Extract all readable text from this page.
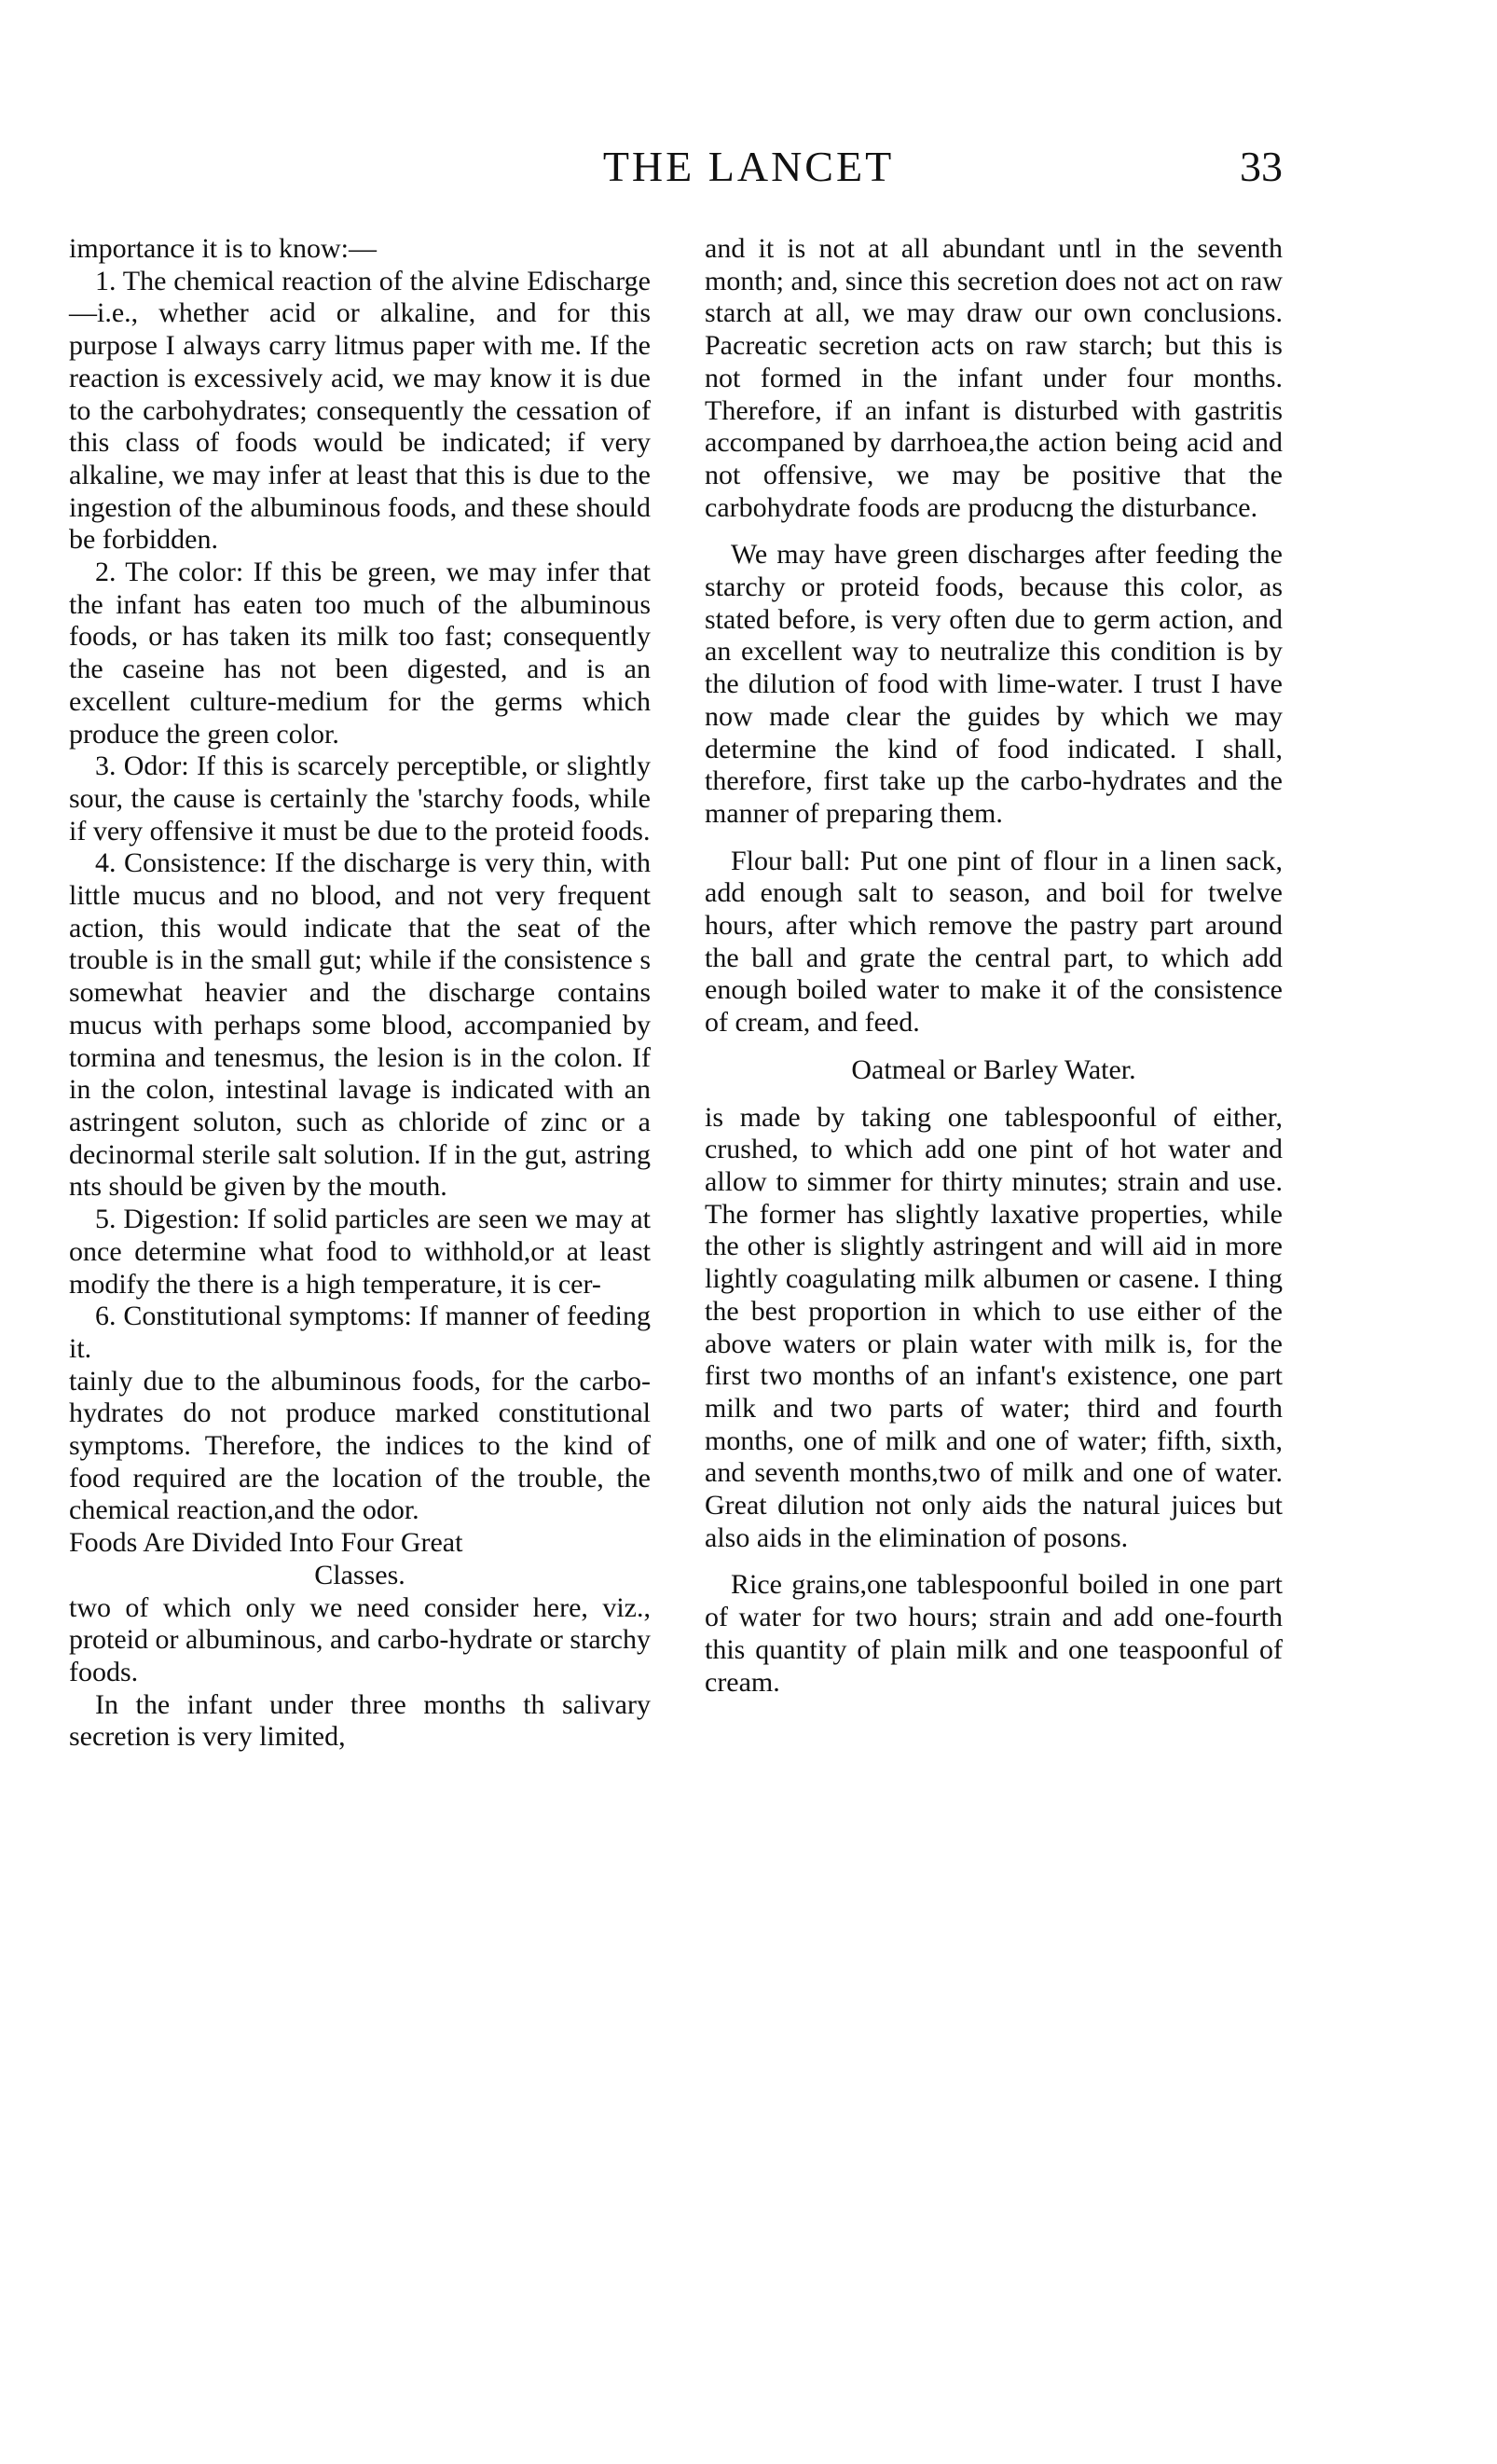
THE LANCET	33

importance it is to know:—

1. The chemical reaction of the alvine Edischarge—i.e., whether acid or alkaline, and for this purpose I always carry litmus paper with me. If the reaction is excessively acid, we may know it is due to the carbohydrates; consequently the cessation of this class of foods would be indicated; if very alkaline, we may infer at least that this is due to the ingestion of the albuminous foods, and these should be forbidden.

2. The color: If this be green, we may infer that the infant has eaten too much of the albuminous foods, or has taken its milk too fast; consequently the caseine has not been digested, and is an excellent culture-medium for the germs which produce the green color.

3. Odor: If this is scarcely perceptible, or slightly sour, the cause is certainly the 'starchy foods, while if very offensive it must be due to the proteid foods.

4. Consistence: If the discharge is very thin, with little mucus and no blood, and not very frequent action, this would indicate that the seat of the trouble is in the small gut; while if the consistence s somewhat heavier and the discharge contains mucus with perhaps some blood, accompanied by tormina and tenesmus, the lesion is in the colon. If in the colon, intestinal lavage is indicated with an astringent soluton, such as chloride of zinc or a decinormal sterile salt solution. If in the gut, astring nts should be given by the mouth.

5. Digestion: If solid particles are seen we may at once determine what food to withhold,or at least modify the there is a high temperature, it is cer-

6. Constitutional symptoms: If manner of feeding it.

tainly due to the albuminous foods, for the carbo-hydrates do not produce marked constitutional symptoms. Therefore, the indices to the kind of food required are the location of the trouble, the chemical reaction,and the odor.

Foods Are Divided Into Four Great

Classes.

two of which only we need consider here, viz., proteid or albuminous, and carbo-hydrate or starchy foods.

In the infant under three months th salivary secretion is very limited,

and it is not at all abundant untl in the seventh month; and, since this secretion does not act on raw starch at all, we may draw our own conclusions. Pacreatic secretion acts on raw starch; but this is not formed in the infant under four months. Therefore, if an infant is disturbed with gastritis accompaned by darrhoea,the action being acid and not offensive, we may be positive that the carbohydrate foods are producng the disturbance.

We may have green discharges after feeding the starchy or proteid foods, because this color, as stated before, is very often due to germ action, and an excellent way to neutralize this condition is by the dilution of food with lime-water. I trust I have now made clear the guides by which we may determine the kind of food indicated. I shall, therefore, first take up the carbo-hydrates and the manner of preparing them.

Flour ball: Put one pint of flour in a linen sack, add enough salt to season, and boil for twelve hours, after which remove the pastry part around the ball and grate the central part, to which add enough boiled water to make it of the consistence of cream, and feed.

Oatmeal or Barley Water.

is made by taking one tablespoonful of either, crushed, to which add one pint of hot water and allow to simmer for thirty minutes; strain and use. The former has slightly laxative properties, while the other is slightly astringent and will aid in more lightly coagulating milk albumen or casene. I thing the best proportion in which to use either of the above waters or plain water with milk is, for the first two months of an infant's existence, one part milk and two parts of water; third and fourth months, one of milk and one of water; fifth, sixth, and seventh months,two of milk and one of water. Great dilution not only aids the natural juices but also aids in the elimination of posons.

Rice grains,one tablespoonful boiled in one part of water for two hours; strain and add one-fourth this quantity of plain milk and one teaspoonful of cream.
